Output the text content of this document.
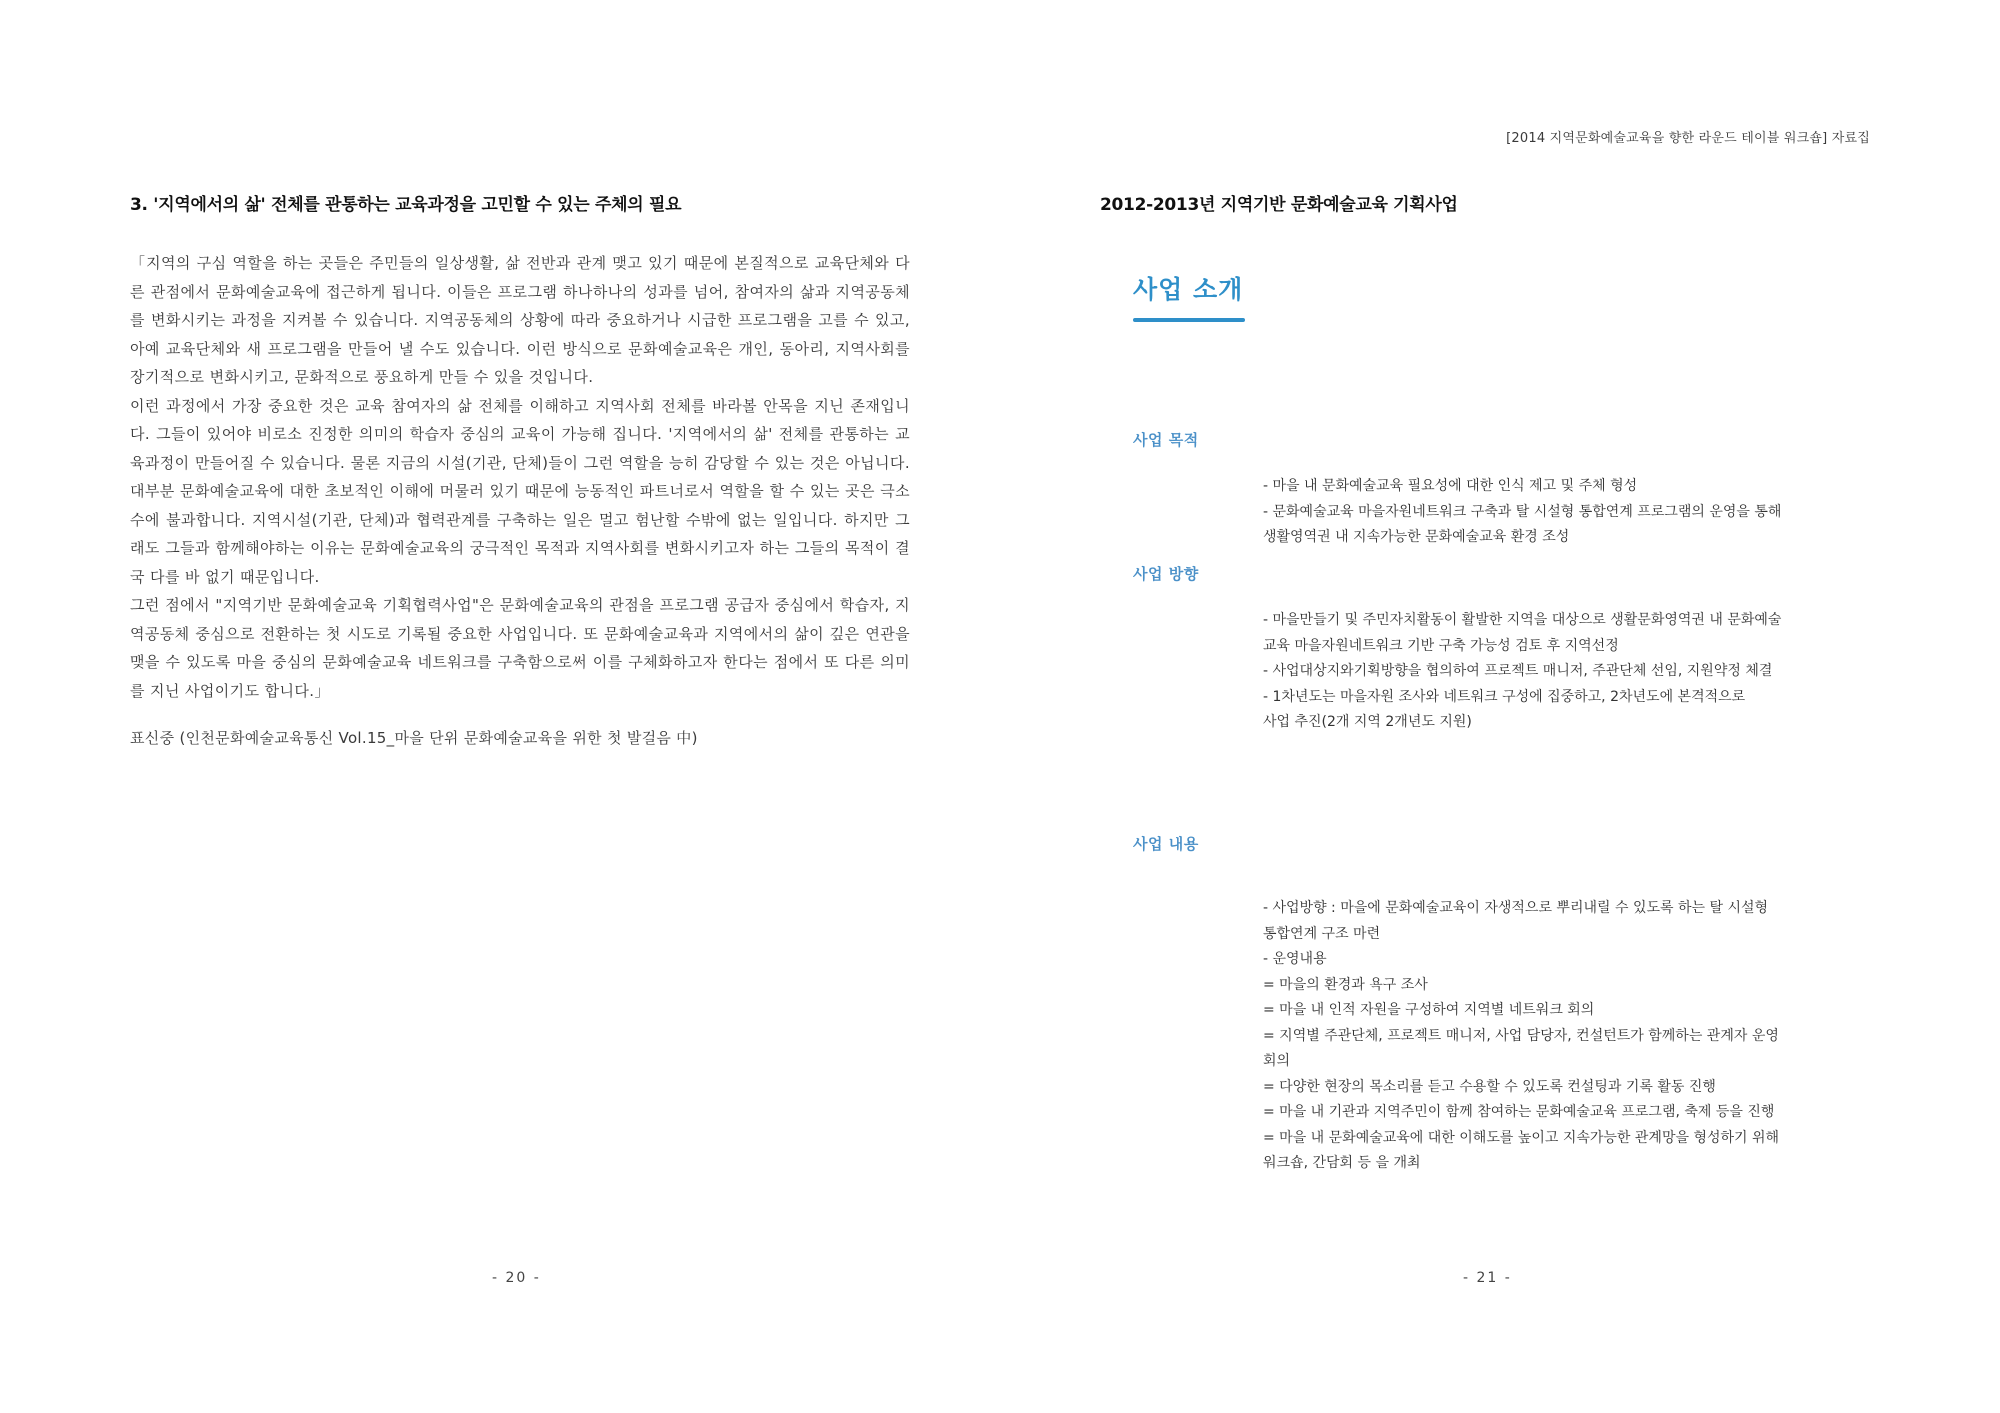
[2014 지역문화예술교육을 향한 라운드 테이블 워크숍] 자료집
3. '지역에서의 삶' 전체를 관통하는 교육과정을 고민할 수 있는 주체의 필요

「지역의 구심 역할을 하는 곳들은 주민들의 일상생활, 삶 전반과 관계 맺고 있기 때문에 본질적으로 교육단체와 다른 관점에서 문화예술교육에 접근하게 됩니다. 이들은 프로그램 하나하나의 성과를 넘어, 참여자의 삶과 지역공동체를 변화시키는 과정을 지켜볼 수 있습니다. 지역공동체의 상황에 따라 중요하거나 시급한 프로그램을 고를 수 있고, 아예 교육단체와 새 프로그램을 만들어 낼 수도 있습니다. 이런 방식으로 문화예술교육은 개인, 동아리, 지역사회를 장기적으로 변화시키고, 문화적으로 풍요하게 만들 수 있을 것입니다.

이런 과정에서 가장 중요한 것은 교육 참여자의 삶 전체를 이해하고 지역사회 전체를 바라볼 안목을 지닌 존재입니다. 그들이 있어야 비로소 진정한 의미의 학습자 중심의 교육이 가능해 집니다. '지역에서의 삶' 전체를 관통하는 교육과정이 만들어질 수 있습니다. 물론 지금의 시설(기관, 단체)들이 그런 역할을 능히 감당할 수 있는 것은 아닙니다. 대부분 문화예술교육에 대한 초보적인 이해에 머물러 있기 때문에 능동적인 파트너로서 역할을 할 수 있는 곳은 극소수에 불과합니다. 지역시설(기관, 단체)과 협력관계를 구축하는 일은 멀고 험난할 수밖에 없는 일입니다. 하지만 그래도 그들과 함께해야하는 이유는 문화예술교육의 궁극적인 목적과 지역사회를 변화시키고자 하는 그들의 목적이 결국 다를 바 없기 때문입니다.

그런 점에서 "지역기반 문화예술교육 기획협력사업"은 문화예술교육의 관점을 프로그램 공급자 중심에서 학습자, 지역공동체 중심으로 전환하는 첫 시도로 기록될 중요한 사업입니다. 또 문화예술교육과 지역에서의 삶이 깊은 연관을 맺을 수 있도록 마을 중심의 문화예술교육 네트워크를 구축함으로써 이를 구체화하고자 한다는 점에서 또 다른 의미를 지닌 사업이기도 합니다.」

표신중 (인천문화예술교육통신 Vol.15_마을 단위 문화예술교육을 위한 첫 발걸음 中)
- 20 -
2012-2013년 지역기반 문화예술교육 기획사업
사업 소개
사업 목적
- 마을 내 문화예술교육 필요성에 대한 인식 제고 및 주체 형성
- 문화예술교육 마을자원네트워크 구축과 탈 시설형 통합연계 프로그램의 운영을 통해
생활영역권 내 지속가능한 문화예술교육 환경 조성
사업 방향
- 마을만들기 및 주민자치활동이 활발한 지역을 대상으로 생활문화영역권 내 문화예술
교육 마을자원네트워크 기반 구축 가능성 검토 후 지역선정
- 사업대상지와기획방향을 협의하여 프로젝트 매니저, 주관단체 선임, 지원약정 체결
- 1차년도는 마을자원 조사와 네트워크 구성에 집중하고, 2차년도에 본격적으로
사업 추진(2개 지역 2개년도 지원)
사업 내용
- 사업방향 : 마을에 문화예술교육이 자생적으로 뿌리내릴 수 있도록 하는 탈 시설형
통합연계 구조 마련
- 운영내용
= 마을의 환경과 욕구 조사
= 마을 내 인적 자원을 구성하여 지역별 네트워크 회의
= 지역별 주관단체, 프로젝트 매니저, 사업 담당자, 컨설턴트가 함께하는 관계자 운영
회의
= 다양한 현장의 목소리를 듣고 수용할 수 있도록 컨설팅과 기록 활동 진행
= 마을 내 기관과 지역주민이 함께 참여하는 문화예술교육 프로그램, 축제 등을 진행
= 마을 내 문화예술교육에 대한 이해도를 높이고 지속가능한 관계망을 형성하기 위해
워크숍, 간담회 등 을 개최
- 21 -
